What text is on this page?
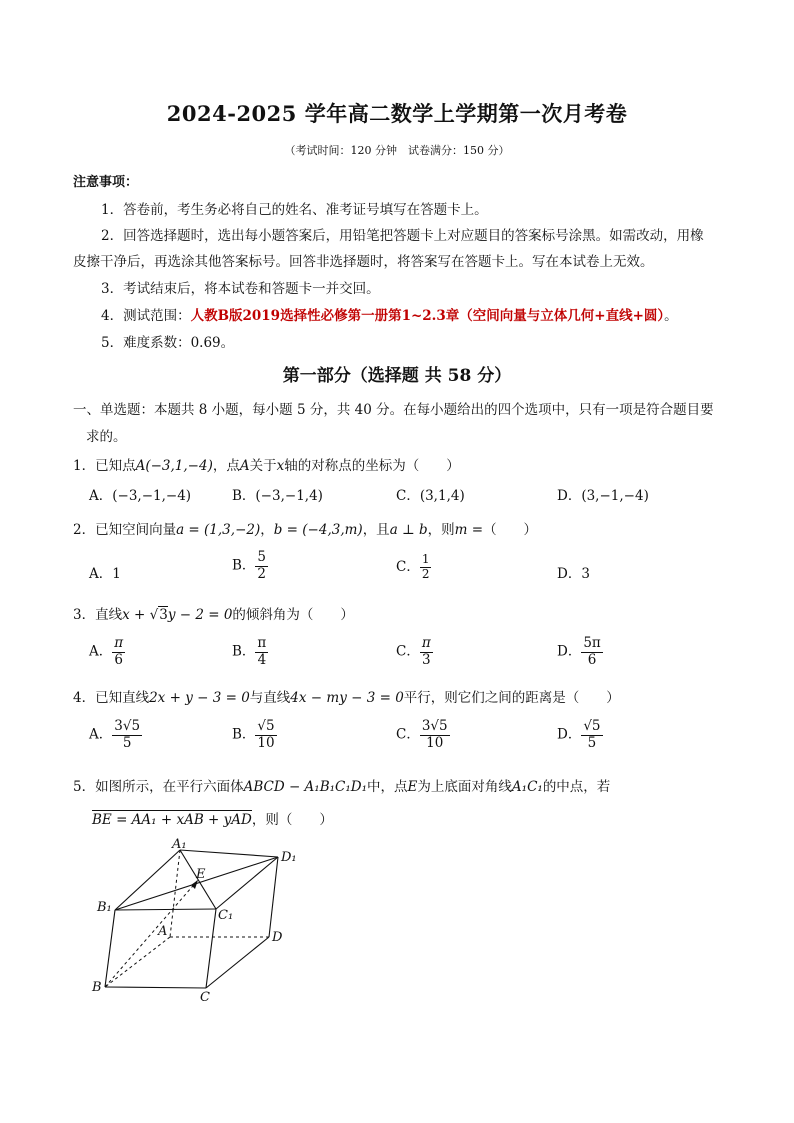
2024-2025 学年高二数学上学期第一次月考卷
（考试时间：120 分钟　试卷满分：150 分）
注意事项：
1．答卷前，考生务必将自己的姓名、准考证号填写在答题卡上。
2．回答选择题时，选出每小题答案后，用铅笔把答题卡上对应题目的答案标号涂黑。如需改动，用橡
皮擦干净后，再选涂其他答案标号。回答非选择题时，将答案写在答题卡上。写在本试卷上无效。
3．考试结束后，将本试卷和答题卡一并交回。
4．测试范围：人教B版2019选择性必修第一册第1~2.3章（空间向量与立体几何+直线+圆）。
5．难度系数：0.69。
第一部分（选择题 共 58 分）
一、单选题：本题共 8 小题，每小题 5 分，共 40 分。在每小题给出的四个选项中，只有一项是符合题目要
求的。
1．已知点A(−3,1,−4)，点A关于x轴的对称点的坐标为（　　）
A．(−3,−1,−4)	B．(−3,−1,4)	C．(3,1,4)	D．(3,−1,−4)
2．已知空间向量a = (1,3,−2)，b = (−4,3,m)，且a ⊥ b，则m =（　　）
A．1
B． $\frac{5}{2}$	C． $\frac{1}{2}$	D．3
3．直线x + √3y − 2 = 0的倾斜角为（　　）
A． $\frac{\pi}{6}$	B． $\frac{\pi}{4}$	C． $\frac{\pi}{3}$	D． $\frac{5\pi}{6}$
4．已知直线2x + y − 3 = 0与直线4x − my − 3 = 0平行，则它们之间的距离是（　　）
A． $\frac{3√5}{5}$	B． $\frac{√5}{10}$	C． $\frac{3√5}{10}$	D． $\frac{√5}{5}$
5．如图所示，在平行六面体ABCD − A₁B₁C₁D₁中，点E为上底面对角线A₁C₁的中点，若
BE = AA₁ + xAB + yAD，则（　　）
A₁
D₁
E
B₁
C₁
A	D
B
C
